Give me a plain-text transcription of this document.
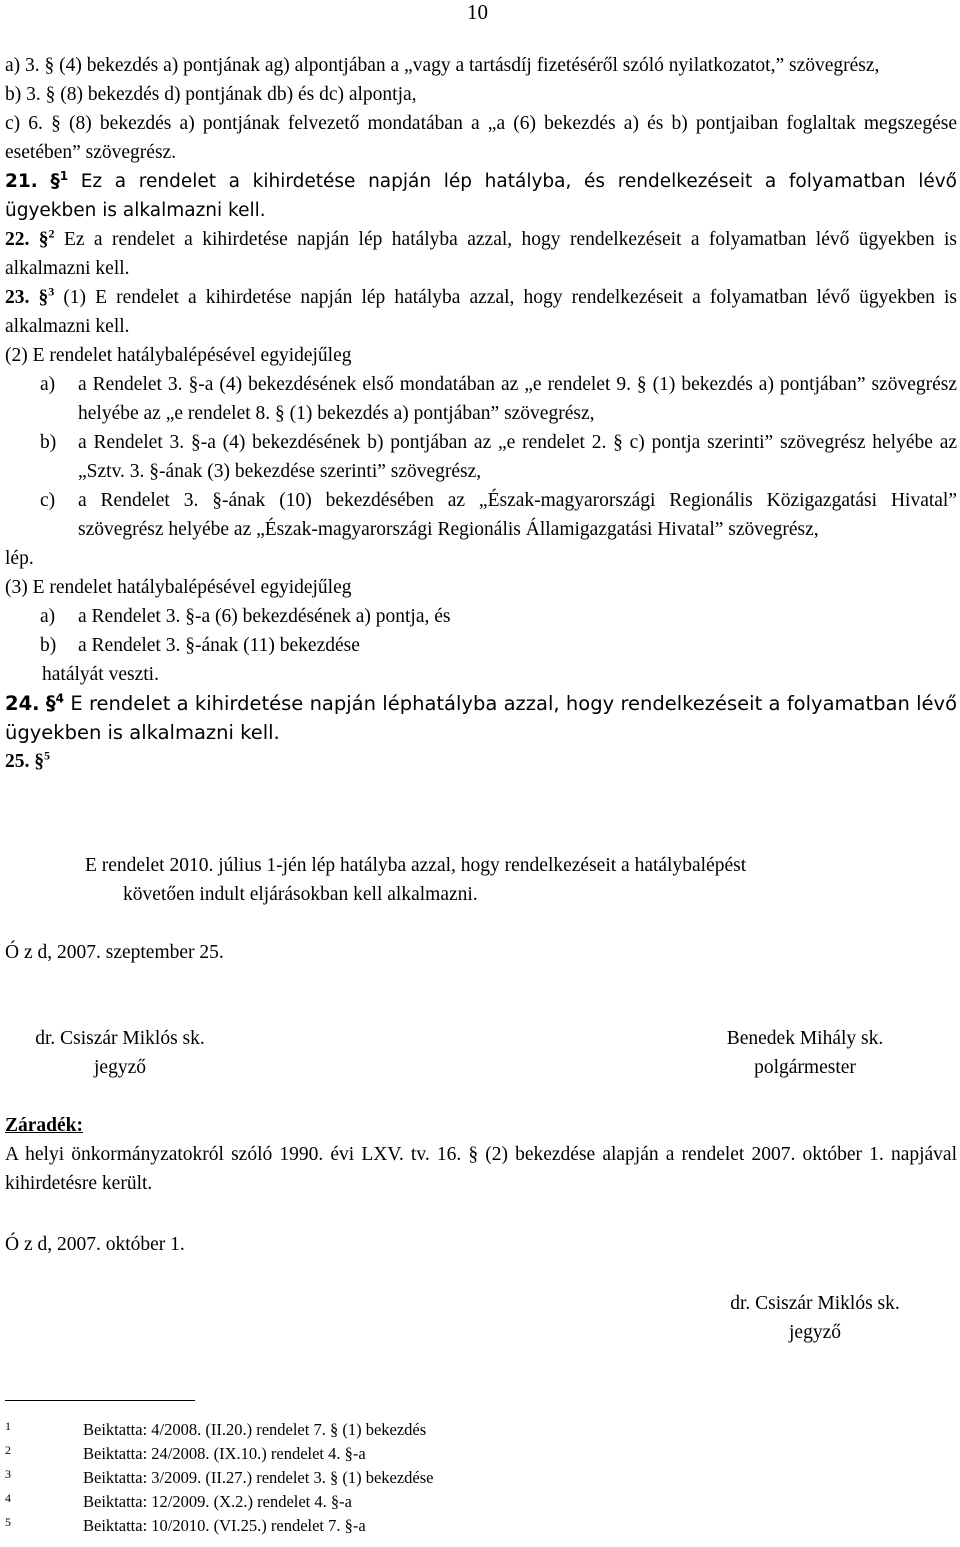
10

a) 3. § (4) bekezdés a) pontjának ag) alpontjában a „vagy a tartásdíj fizetéséről szóló nyilatkozatot,” szövegrész,

b) 3. § (8) bekezdés d) pontjának db) és dc) alpontja,

c) 6. § (8) bekezdés a) pontjának felvezető mondatában a „a (6) bekezdés a) és b) pontjaiban foglaltak megszegése esetében” szövegrész.

21. §$^1$ Ez a rendelet a kihirdetése napján lép hatályba, és rendelkezéseit a folyamatban lévő ügyekben is alkalmazni kell.

22. §$^2$ Ez a rendelet a kihirdetése napján lép hatályba azzal, hogy rendelkezéseit a folyamatban lévő ügyekben is alkalmazni kell.

23. §$^3$ (1) E rendelet a kihirdetése napján lép hatályba azzal, hogy rendelkezéseit a folyamatban lévő ügyekben is alkalmazni kell.

(2) E rendelet hatálybalépésével egyidejűleg

a)	a Rendelet 3. §-a (4) bekezdésének első mondatában az „e rendelet 9. § (1) bekezdés a) pontjában” szövegrész helyébe az „e rendelet 8. § (1) bekezdés a) pontjában” szövegrész,
b)	a Rendelet 3. §-a (4) bekezdésének b) pontjában az „e rendelet 2. § c) pontja szerinti” szövegrész helyébe az „Sztv. 3. §-ának (3) bekezdése szerinti” szövegrész,
c)	a Rendelet 3. §-ának (10) bekezdésében az „Észak-magyarországi Regionális Közigazgatási Hivatal” szövegrész helyébe az „Észak-magyarországi Regionális Államigazgatási Hivatal” szövegrész,

lép.

(3) E rendelet hatálybalépésével egyidejűleg

a)	a Rendelet 3. §-a (6) bekezdésének a) pontja, és
b)	a Rendelet 3. §-ának (11) bekezdése

hatályát veszti.

24. §$^4$ E rendelet a kihirdetése napján léphatályba azzal, hogy rendelkezéseit a folyamatban lévő ügyekben is alkalmazni kell.

25. §$^5$
E rendelet 2010. július 1-jén lép hatályba azzal, hogy rendelkezéseit a hatálybalépést
követően indult eljárásokban kell alkalmazni.
Ó z d, 2007. szeptember 25.
dr. Csiszár Miklós sk.
jegyző
Benedek Mihály sk.
polgármester
Záradék:
A helyi önkormányzatokról szóló 1990. évi LXV. tv. 16. § (2) bekezdése alapján a rendelet 2007. október 1. napjával kihirdetésre került.
Ó z d, 2007. október 1.
dr. Csiszár Miklós sk.
jegyző
1	Beiktatta: 4/2008. (II.20.) rendelet 7. § (1) bekezdés
2	Beiktatta: 24/2008. (IX.10.) rendelet 4. §-a
3	Beiktatta: 3/2009. (II.27.) rendelet 3. § (1) bekezdése
4	Beiktatta: 12/2009. (X.2.) rendelet 4. §-a
5	Beiktatta: 10/2010. (VI.25.) rendelet 7. §-a
